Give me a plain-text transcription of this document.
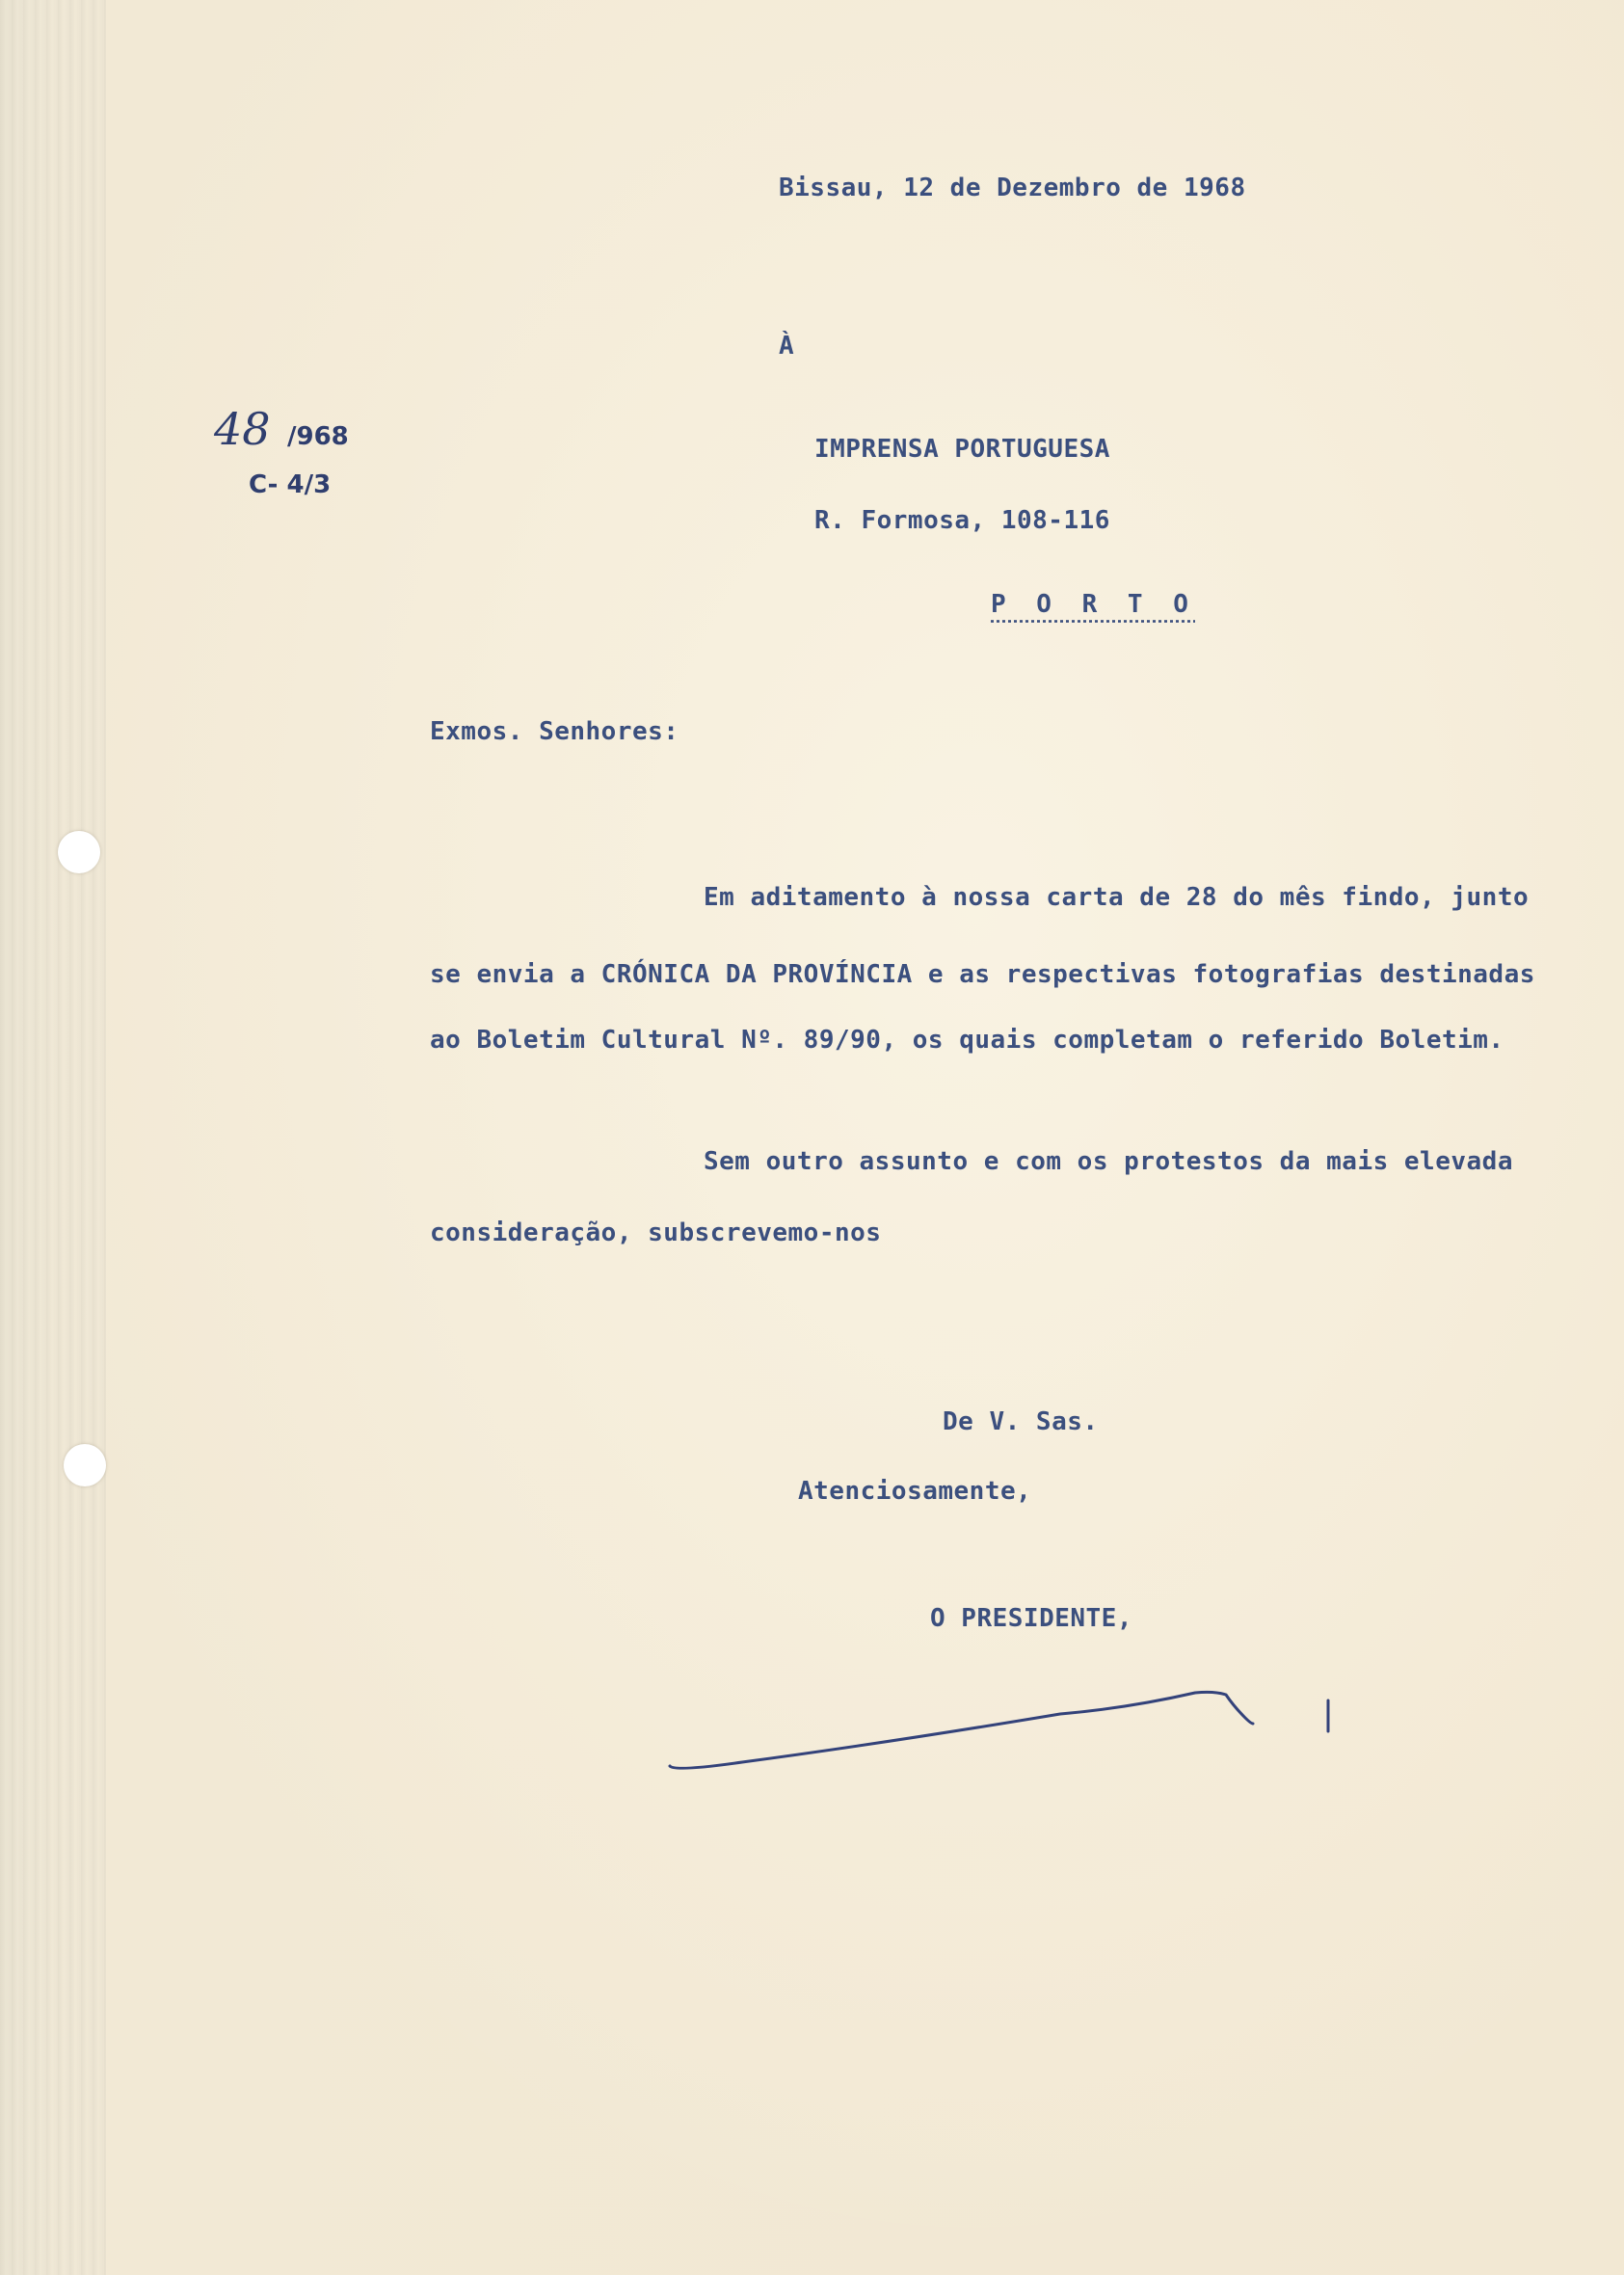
Bissau, 12 de Dezembro de 1968
À
48 /968
C- 4/3
IMPRENSA PORTUGUESA
R. Formosa, 108-116
P O R T O
Exmos. Senhores:
Em aditamento à nossa carta de 28 do mês findo, junto
se envia a CRÓNICA DA PROVÍNCIA e as respectivas fotografias destinadas
ao Boletim Cultural Nº. 89/90, os quais completam o referido Boletim.
Sem outro assunto e com os protestos da mais elevada
consideração, subscrevemo-nos
De V. Sas.
Atenciosamente,
O PRESIDENTE,
